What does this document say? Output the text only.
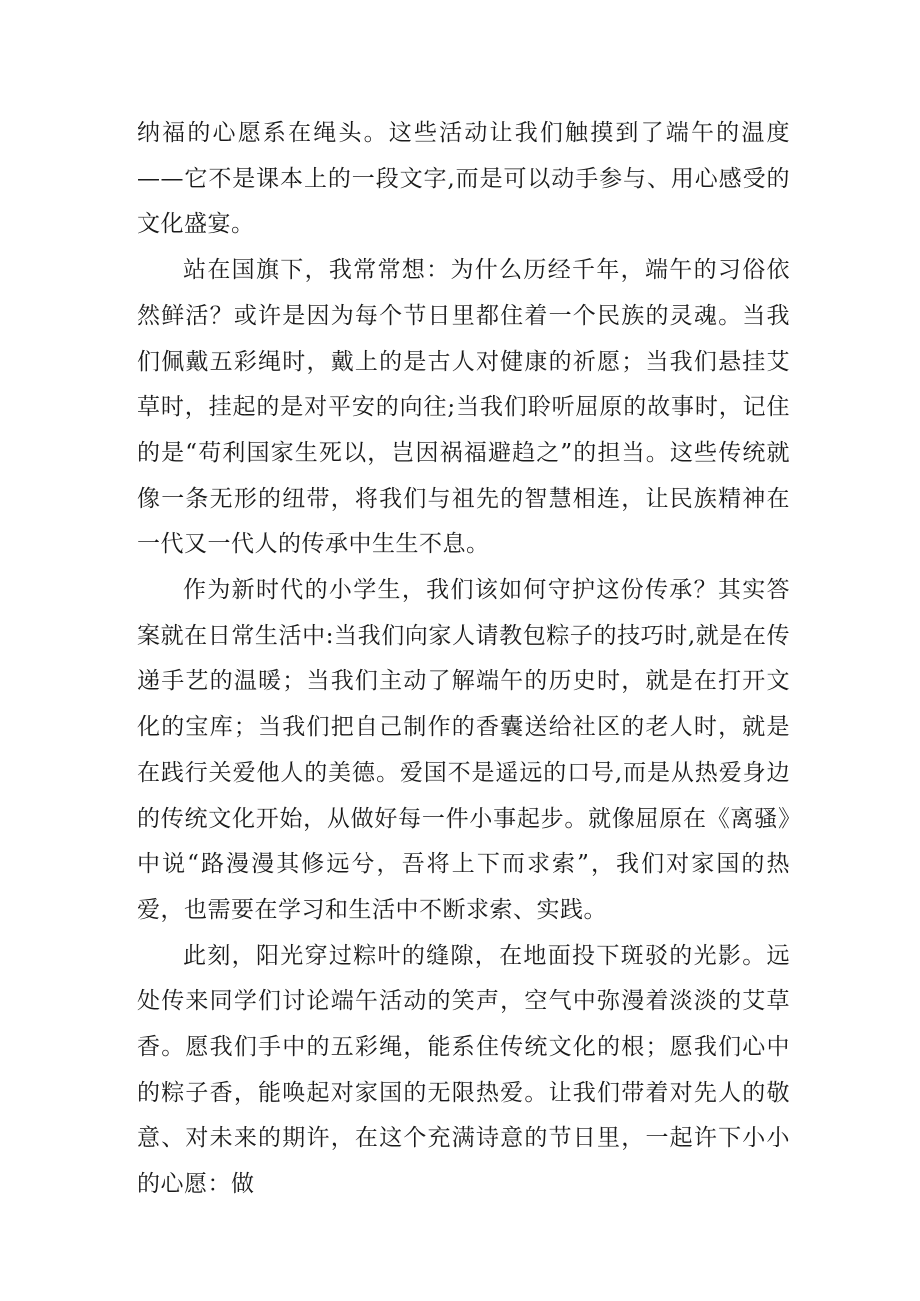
纳福的心愿系在绳头。这些活动让我们触摸到了端午的温度——它不是课本上的一段文字,而是可以动手参与、用心感受的文化盛宴。

站在国旗下，我常常想：为什么历经千年，端午的习俗依然鲜活？或许是因为每个节日里都住着一个民族的灵魂。当我们佩戴五彩绳时，戴上的是古人对健康的祈愿；当我们悬挂艾草时，挂起的是对平安的向往;当我们聆听屈原的故事时，记住的是“苟利国家生死以，岂因祸福避趋之”的担当。这些传统就像一条无形的纽带，将我们与祖先的智慧相连，让民族精神在一代又一代人的传承中生生不息。

作为新时代的小学生，我们该如何守护这份传承？其实答案就在日常生活中:当我们向家人请教包粽子的技巧时,就是在传递手艺的温暖；当我们主动了解端午的历史时，就是在打开文化的宝库；当我们把自己制作的香囊送给社区的老人时，就是在践行关爱他人的美德。爱国不是遥远的口号,而是从热爱身边的传统文化开始，从做好每一件小事起步。就像屈原在《离骚》中说“路漫漫其修远兮，吾将上下而求索”，我们对家国的热爱，也需要在学习和生活中不断求索、实践。

此刻，阳光穿过粽叶的缝隙，在地面投下斑驳的光影。远处传来同学们讨论端午活动的笑声，空气中弥漫着淡淡的艾草香。愿我们手中的五彩绳，能系住传统文化的根；愿我们心中的粽子香，能唤起对家国的无限热爱。让我们带着对先人的敬意、对未来的期许，在这个充满诗意的节日里，一起许下小小的心愿：做
